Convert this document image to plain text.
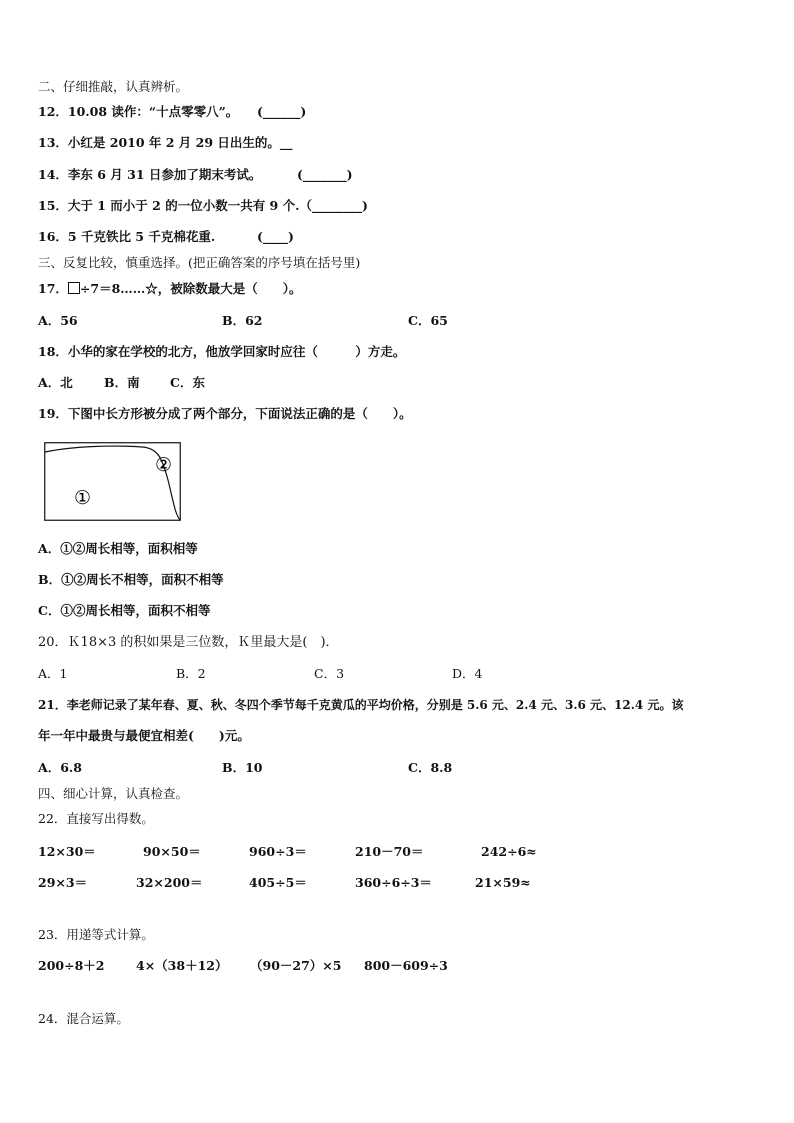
二、仔细推敲，认真辨析。
12．10.08 读作：“十点零零八”。　　(______)
13．小红是 2010 年 2 月 29 日出生的。__
14．李东 6 月 31 日参加了期末考试。　　　 (_______)
15．大于 1 而小于 2 的一位小数一共有 9 个.（________)
16．5 千克铁比 5 千克棉花重.　　　 (____)
三、反复比较，慎重选择。(把正确答案的序号填在括号里)
17． ÷7＝8……☆，被除数最大是（　　）。
A．56	B．62	C．65
18．小华的家在学校的北方，他放学回家时应往（　　　）方走。
A．北	B．南 C．东
19．下图中长方形被分成了两个部分，下面说法正确的是（　　）。
①
②
A．①②周长相等，面积相等
B．①②周长不相等，面积不相等
C．①②周长相等，面积不相等
20．Ｋ18×3 的积如果是三位数，Ｋ里最大是(　)．
A．1	B．2	C．3	D．4
21．李老师记录了某年春、夏、秋、冬四个季节每千克黄瓜的平均价格，分别是 5.6 元、2.4 元、3.6 元、12.4 元。该
年一年中最贵与最便宜相差(　　)元。
A．6.8	B．10	C．8.8
四、细心计算，认真检查。
22．直接写出得数。
12×30＝	90×50＝	960÷3＝	210－70＝	242÷6≈
29×3＝	32×200＝	405÷5＝	360÷6÷3＝	21×59≈
23．用递等式计算。
200÷8＋2	4×（38＋12） （90－27）×5 800－609÷3
24．混合运算。
